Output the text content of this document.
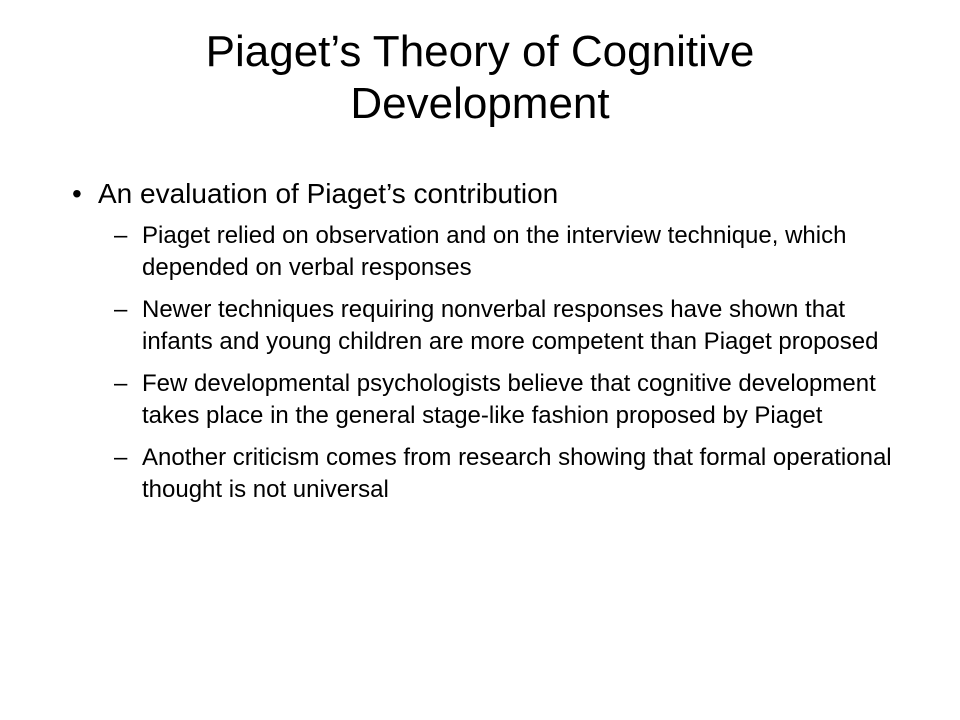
Piaget’s Theory of Cognitive
Development
• An evaluation of Piaget’s contribution
– Piaget relied on observation and on the interview technique, which depended on verbal responses
– Newer techniques requiring nonverbal responses have shown that infants and young children are more competent than Piaget proposed
– Few developmental psychologists believe that cognitive development takes place in the general stage-like fashion proposed by Piaget
– Another criticism comes from research showing that formal operational thought is not universal
